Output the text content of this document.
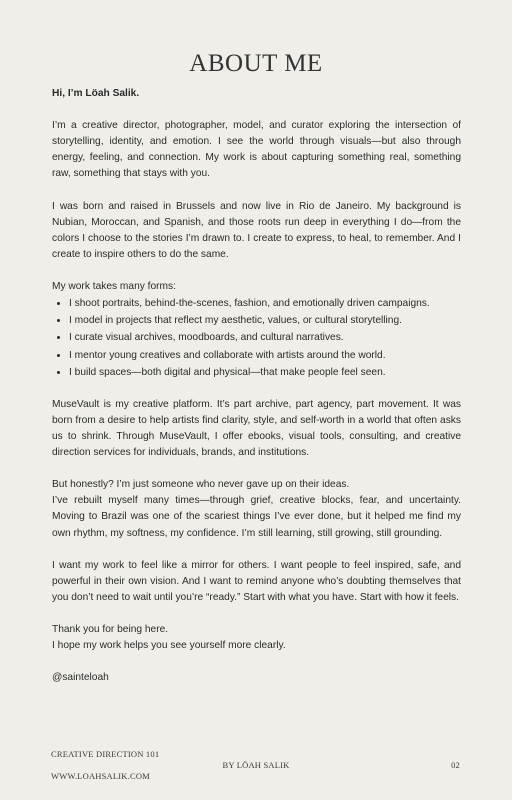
ABOUT ME

Hi, I’m Löah Salik.

I’m a creative director, photographer, model, and curator exploring the intersection of storytelling, identity, and emotion. I see the world through visuals—but also through energy, feeling, and connection. My work is about capturing something real, something raw, something that stays with you.

I was born and raised in Brussels and now live in Rio de Janeiro. My background is Nubian, Moroccan, and Spanish, and those roots run deep in everything I do—from the colors I choose to the stories I’m drawn to. I create to express, to heal, to remember. And I create to inspire others to do the same.

My work takes many forms:

• I shoot portraits, behind-the-scenes, fashion, and emotionally driven campaigns.
• I model in projects that reflect my aesthetic, values, or cultural storytelling.
• I curate visual archives, moodboards, and cultural narratives.
• I mentor young creatives and collaborate with artists around the world.
• I build spaces—both digital and physical—that make people feel seen.

MuseVault is my creative platform. It’s part archive, part agency, part movement. It was born from a desire to help artists find clarity, style, and self-worth in a world that often asks us to shrink. Through MuseVault, I offer ebooks, visual tools, consulting, and creative direction services for individuals, brands, and institutions.

But honestly? I’m just someone who never gave up on their ideas.

I’ve rebuilt myself many times—through grief, creative blocks, fear, and uncertainty. Moving to Brazil was one of the scariest things I’ve ever done, but it helped me find my own rhythm, my softness, my confidence. I’m still learning, still growing, still grounding.

I want my work to feel like a mirror for others. I want people to feel inspired, safe, and powerful in their own vision. And I want to remind anyone who’s doubting themselves that you don’t need to wait until you’re “ready.” Start with what you have. Start with how it feels.

Thank you for being here.

I hope my work helps you see yourself more clearly.

@sainteloah

CREATIVE DIRECTION 101
WWW.LOAHSALIK.COM
BY LÖAH SALIK	02
